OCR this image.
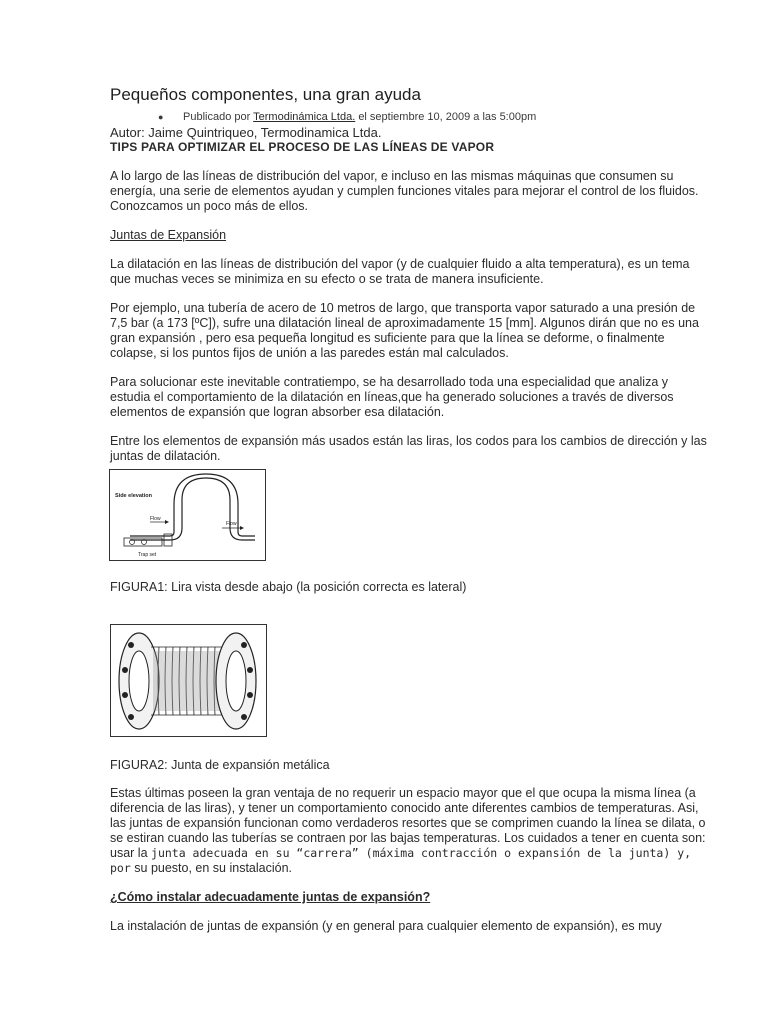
Pequeños componentes, una gran ayuda
● Publicado por Termodinámica Ltda. el septiembre 10, 2009 a las 5:00pm
Autor: Jaime Quintriqueo, Termodinamica Ltda.
TIPS PARA OPTIMIZAR EL PROCESO DE LAS LÍNEAS DE VAPOR

A lo largo de las líneas de distribución del vapor, e incluso en las mismas máquinas que consumen su energía, una serie de elementos ayudan y cumplen funciones vitales para mejorar el control de los fluidos. Conozcamos un poco más de ellos.

Juntas de Expansión

La dilatación en las líneas de distribución del vapor (y de cualquier fluido a alta temperatura), es un tema que muchas veces se minimiza en su efecto o se trata de manera insuficiente.

Por ejemplo, una tubería de acero de 10 metros de largo, que transporta vapor saturado a una presión de 7,5 bar (a 173 [ºC]), sufre una dilatación lineal de aproximadamente 15 [mm]. Algunos dirán que no es una gran expansión , pero esa pequeña longitud es suficiente para que la línea se deforme, o finalmente colapse, si los puntos fijos de unión a las paredes están mal calculados.

Para solucionar este inevitable contratiempo, se ha desarrollado toda una especialidad que analiza y estudia el comportamiento de la dilatación en líneas,que ha generado soluciones a través de diversos elementos de expansión que logran absorber esa dilatación.

Entre los elementos de expansión más usados están las liras, los codos para los cambios de dirección y las juntas de dilatación.

Side elevation
Flow
Flow
Trap set
FIGURA1: Lira vista desde abajo (la posición correcta es lateral)
FIGURA2: Junta de expansión metálica

Estas últimas poseen la gran ventaja de no requerir un espacio mayor que el que ocupa la misma línea (a diferencia de las liras), y tener un comportamiento conocido ante diferentes cambios de temperaturas. Asi, las juntas de expansión funcionan como verdaderos resortes que se comprimen cuando la línea se dilata, o se estiran cuando las tuberías se contraen por las bajas temperaturas. Los cuidados a tener en cuenta son: usar la junta adecuada en su “carrera” (máxima contracción o expansión de la junta) y, por su puesto, en su instalación.

¿Cómo instalar adecuadamente juntas de expansión?

La instalación de juntas de expansión (y en general para cualquier elemento de expansión), es muy
